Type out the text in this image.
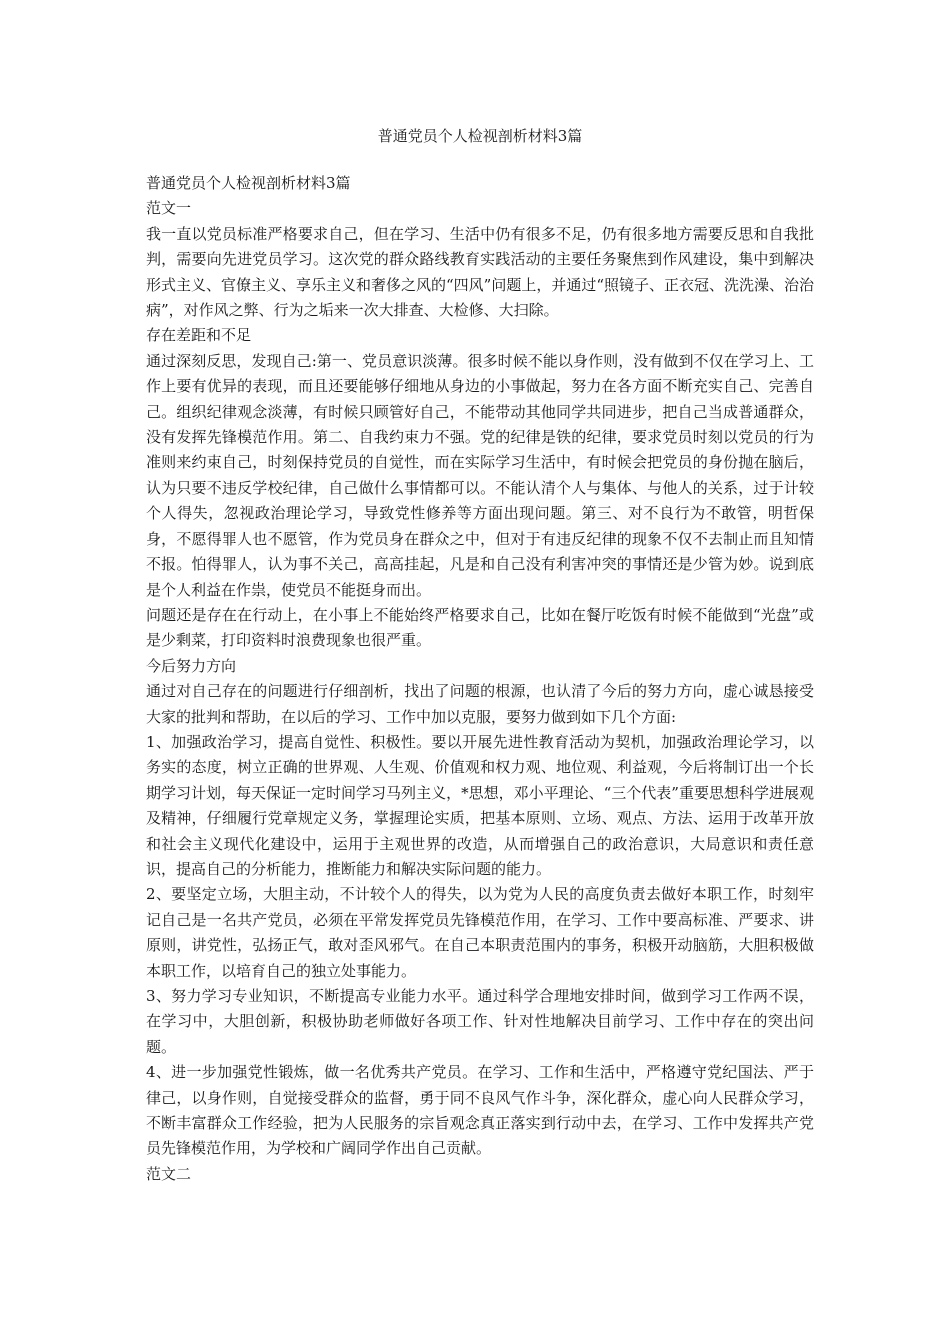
普通党员个人检视剖析材料3篇

普通党员个人检视剖析材料3篇

范文一

我一直以党员标准严格要求自己，但在学习、生活中仍有很多不足，仍有很多地方需要反思和自我批判，需要向先进党员学习。这次党的群众路线教育实践活动的主要任务聚焦到作风建设，集中到解决形式主义、官僚主义、享乐主义和奢侈之风的“四风”问题上，并通过“照镜子、正衣冠、洗洗澡、治治病”，对作风之弊、行为之垢来一次大排查、大检修、大扫除。

存在差距和不足

通过深刻反思，发现自己:第一、党员意识淡薄。很多时候不能以身作则，没有做到不仅在学习上、工作上要有优异的表现，而且还要能够仔细地从身边的小事做起，努力在各方面不断充实自己、完善自己。组织纪律观念淡薄，有时候只顾管好自己，不能带动其他同学共同进步，把自己当成普通群众，没有发挥先锋模范作用。第二、自我约束力不强。党的纪律是铁的纪律，要求党员时刻以党员的行为准则来约束自己，时刻保持党员的自觉性，而在实际学习生活中，有时候会把党员的身份抛在脑后，认为只要不违反学校纪律，自己做什么事情都可以。不能认清个人与集体、与他人的关系，过于计较个人得失，忽视政治理论学习，导致党性修养等方面出现问题。第三、对不良行为不敢管，明哲保身，不愿得罪人也不愿管，作为党员身在群众之中，但对于有违反纪律的现象不仅不去制止而且知情不报。怕得罪人，认为事不关己，高高挂起，凡是和自己没有利害冲突的事情还是少管为妙。说到底是个人利益在作祟，使党员不能挺身而出。

问题还是存在在行动上，在小事上不能始终严格要求自己，比如在餐厅吃饭有时候不能做到“光盘”或是少剩菜，打印资料时浪费现象也很严重。

今后努力方向

通过对自己存在的问题进行仔细剖析，找出了问题的根源，也认清了今后的努力方向，虚心诚恳接受大家的批判和帮助，在以后的学习、工作中加以克服，要努力做到如下几个方面:

1、加强政治学习，提高自觉性、积极性。要以开展先进性教育活动为契机，加强政治理论学习，以务实的态度，树立正确的世界观、人生观、价值观和权力观、地位观、利益观，今后将制订出一个长期学习计划，每天保证一定时间学习马列主义，*思想，邓小平理论、“三个代表”重要思想科学进展观及精神，仔细履行党章规定义务，掌握理论实质，把基本原则、立场、观点、方法、运用于改革开放和社会主义现代化建设中，运用于主观世界的改造，从而增强自己的政治意识，大局意识和责任意识，提高自己的分析能力，推断能力和解决实际问题的能力。

2、要坚定立场，大胆主动，不计较个人的得失，以为党为人民的高度负责去做好本职工作，时刻牢记自己是一名共产党员，必须在平常发挥党员先锋模范作用，在学习、工作中要高标准、严要求、讲原则，讲党性，弘扬正气，敢对歪风邪气。在自己本职责范围内的事务，积极开动脑筋，大胆积极做本职工作，以培育自己的独立处事能力。

3、努力学习专业知识，不断提高专业能力水平。通过科学合理地安排时间，做到学习工作两不误，在学习中，大胆创新，积极协助老师做好各项工作、针对性地解决目前学习、工作中存在的突出问题。

4、进一步加强党性锻炼，做一名优秀共产党员。在学习、工作和生活中，严格遵守党纪国法、严于律己，以身作则，自觉接受群众的监督，勇于同不良风气作斗争，深化群众，虚心向人民群众学习，不断丰富群众工作经验，把为人民服务的宗旨观念真正落实到行动中去，在学习、工作中发挥共产党员先锋模范作用，为学校和广阔同学作出自己贡献。

范文二
